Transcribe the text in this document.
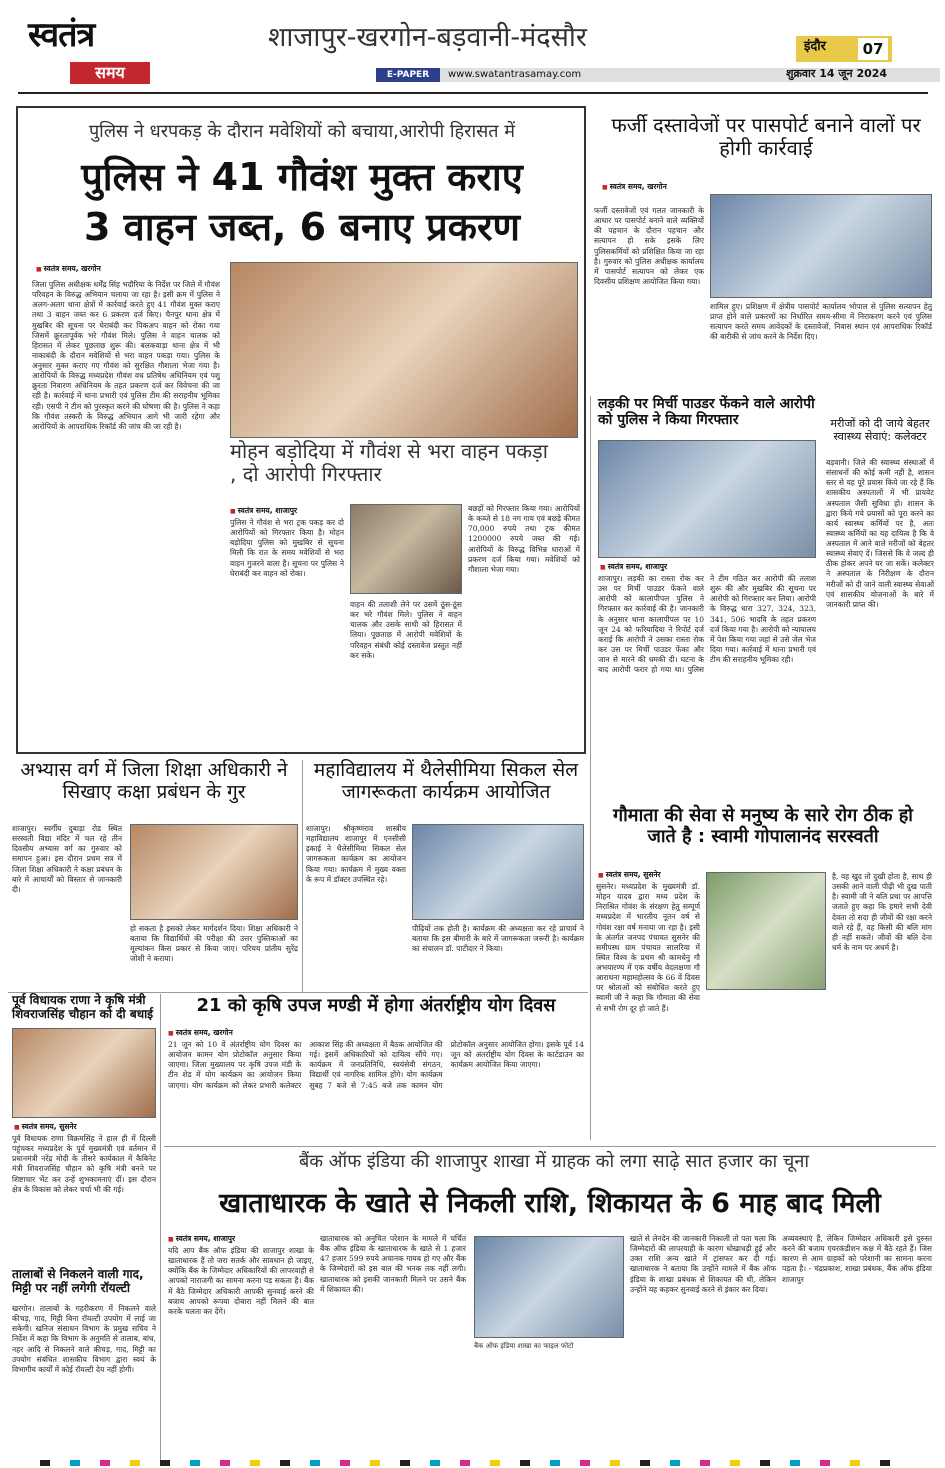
स्वतंत्र
समय
शाजापुर-खरगोन-बड़वानी-मंदसौर	इंदौर	07
E-PAPER	www.swatantrasamay.com	शुक्रवार 14 जून 2024
पुलिस ने धरपकड़ के दौरान मवेशियों को बचाया,आरोपी हिरासत में
पुलिस ने 41 गौवंश मुक्त कराए
3 वाहन जब्त, 6 बनाए प्रकरण
■ स्वतंत्र समय, खरगोन
जिला पुलिस अधीक्षक धर्मेंद्र सिंह भदौरिया के निर्देश पर जिले में गौवंश परिवहन के विरुद्ध अभियान चलाया जा रहा है। इसी क्रम में पुलिस ने अलग-अलग थाना क्षेत्रों में कार्रवाई करते हुए 41 गौवंश मुक्त कराए तथा 3 वाहन जब्त कर 6 प्रकरण दर्ज किए। चैनपुर थाना क्षेत्र में मुखबिर की सूचना पर घेराबंदी कर पिकअप वाहन को रोका गया जिसमें क्रूरतापूर्वक भरे गौवंश मिले। पुलिस ने वाहन चालक को हिरासत में लेकर पूछताछ शुरू की। बलकवाड़ा थाना क्षेत्र में भी नाकाबंदी के दौरान मवेशियों से भरा वाहन पकड़ा गया। पुलिस के अनुसार मुक्त कराए गए गौवंश को सुरक्षित गौशाला भेजा गया है। आरोपियों के विरुद्ध मध्यप्रदेश गौवंश वध प्रतिषेध अधिनियम एवं पशु क्रूरता निवारण अधिनियम के तहत प्रकरण दर्ज कर विवेचना की जा रही है। कार्रवाई में थाना प्रभारी एवं पुलिस टीम की सराहनीय भूमिका रही। एसपी ने टीम को पुरस्कृत करने की घोषणा की है। पुलिस ने कहा कि गौवंश तस्करी के विरुद्ध अभियान आगे भी जारी रहेगा और आरोपियों के आपराधिक रिकॉर्ड की जांच की जा रही है।
मोहन बड़ोदिया में गौवंश से भरा वाहन पकड़ा , दो आरोपी गिरफ्तार
■ स्वतंत्र समय, शाजापुर
पुलिस ने गौवंश से भरा ट्रक पकड़ कर दो आरोपियों को गिरफ्तार किया है। मोहन बड़ोदिया पुलिस को मुखबिर से सूचना मिली कि रात के समय मवेशियों से भरा वाहन गुजरने वाला है। सूचना पर पुलिस ने घेराबंदी कर वाहन को रोका।
वाहन की तलाशी लेने पर उसमें ठूंस-ठूंस कर भरे गौवंश मिले। पुलिस ने वाहन चालक और उसके साथी को हिरासत में लिया। पूछताछ में आरोपी मवेशियों के परिवहन संबंधी कोई दस्तावेज प्रस्तुत नहीं कर सके।
बछड़ों को गिरफ्तार किया गया। आरोपियों के कब्जे से 18 नग गाय एवं बछड़े कीमत 70,000 रुपये तथा ट्रक कीमत 1200000 रुपये जब्त की गई। आरोपियों के विरुद्ध विभिन्न धाराओं में प्रकरण दर्ज किया गया। मवेशियों को गौशाला भेजा गया।
फर्जी दस्तावेजों पर पासपोर्ट बनाने वालों पर होगी कार्रवाई
■ स्वतंत्र समय, खरगोन
फर्जी दस्तावेजों एवं गलत जानकारी के आधार पर पासपोर्ट बनाने वाले व्यक्तियों की पहचान के दौरान पहचान और सत्यापन हो सके इसके लिए पुलिसकर्मियों को प्रशिक्षित किया जा रहा है। गुरुवार को पुलिस अधीक्षक कार्यालय में पासपोर्ट सत्यापन को लेकर एक दिवसीय प्रशिक्षण आयोजित किया गया।
शामिल हुए। प्रशिक्षण में क्षेत्रीय पासपोर्ट कार्यालय भोपाल से पुलिस सत्यापन हेतु प्राप्त होने वाले प्रकरणों का निर्धारित समय-सीमा में निराकरण करने एवं पुलिस सत्यापन करते समय आवेदकों के दस्तावेजों, निवास स्थान एवं आपराधिक रिकॉर्ड की बारीकी से जांच करने के निर्देश दिए।
लड़की पर मिर्ची पाउडर फेंकने वाले आरोपी को पुलिस ने किया गिरफ्तार
■ स्वतंत्र समय, शाजापुर
शाजापुर। लड़की का रास्ता रोक कर उस पर मिर्ची पाउडर फेंकने वाले आरोपी को कालापीपल पुलिस ने गिरफ्तार कर कार्रवाई की है। जानकारी के अनुसार थाना कालापीपल पर 10 जून 24 को फरियादिया ने रिपोर्ट दर्ज कराई कि आरोपी ने उसका रास्ता रोक कर उस पर मिर्ची पाउडर फेंका और जान से मारने की धमकी दी। घटना के बाद आरोपी फरार हो गया था। पुलिस ने टीम गठित कर आरोपी की तलाश शुरू की और मुखबिर की सूचना पर आरोपी को गिरफ्तार कर लिया। आरोपी के विरुद्ध धारा 327, 324, 323, 341, 506 भादवि के तहत प्रकरण दर्ज किया गया है। आरोपी को न्यायालय में पेश किया गया जहां से उसे जेल भेज दिया गया। कार्रवाई में थाना प्रभारी एवं टीम की सराहनीय भूमिका रही।
मरीजों को दी जाये बेहतर स्वास्थ्य सेवाएं: कलेक्टर
बड़वानी। जिले की स्वास्थ्य संस्थाओं में संसाधनों की कोई कमी नहीं है, शासन स्तर से यह पूरे प्रयास किये जा रहे हैं कि शासकीय अस्पतालों में भी प्रायवेट अस्पताल जैसी सुविधा हो। शासन के द्वारा किये गये प्रयासों को पूरा करने का कार्य स्वास्थ्य कर्मियों पर है, अतः स्वास्थ्य कर्मियों का यह दायित्व है कि वे अस्पताल में आने वाले मरीजों को बेहतर स्वास्थ्य सेवाएं दें। जिससे कि वे जल्द ही ठीक होकर अपने घर जा सकें। कलेक्टर ने अस्पताल के निरीक्षण के दौरान मरीजों को दी जाने वाली स्वास्थ्य सेवाओं एवं शासकीय योजनाओं के बारे में जानकारी प्राप्त की।
अभ्यास वर्ग में जिला शिक्षा अधिकारी ने सिखाए कक्षा प्रबंधन के गुर
शाजापुर। स्वर्गीय दुबाड़ा रोड स्थित सरस्वती विद्या मंदिर में चल रहे तीन दिवसीय अभ्यास वर्ग का गुरुवार को समापन हुआ। इस दौरान प्रथम सत्र में जिला शिक्षा अधिकारी ने कक्षा प्रबंधन के बारे में आचार्यों को विस्तार से जानकारी दी।
हो सकता है इसको लेकर मार्गदर्शन दिया। शिक्षा अधिकारी ने बताया कि विद्यार्थियों की परीक्षा की उत्तर पुस्तिकाओं का मूल्यांकन किस प्रकार से किया जाए। परिचय प्रांतीय सुरेंद्र जोशी ने कराया।
महाविद्यालय में थैलेसीमिया सिकल सेल जागरूकता कार्यक्रम आयोजित
शाजापुर। श्रीकृष्णराव शास्त्रीय महाविद्यालय शाजापुर में एनसीसी इकाई ने थैलेसीमिया सिकल सेल जागरूकता कार्यक्रम का आयोजन किया गया। कार्यक्रम में मुख्य वक्ता के रूप में डॉक्टर उपस्थित रहे।
पीढ़ियों तक होती है। कार्यक्रम की अध्यक्षता कर रहे प्राचार्य ने बताया कि इस बीमारी के बारे में जागरूकता जरूरी है। कार्यक्रम का संचालन डॉ. पाटीदार ने किया।
गौमाता की सेवा से मनुष्य के सारे रोग ठीक हो जाते है : स्वामी गोपालानंद सरस्वती
■ स्वतंत्र समय, सुसनेर
सुसनेर। मध्यप्रदेश के मुख्यमंत्री डॉ. मोहन यादव द्वारा मध्य प्रदेश के निराश्रित गोवंश के संरक्षण हेतु सम्पूर्ण मध्यप्रदेश में भारतीय नूतन वर्ष से गोवंश रक्षा वर्ष मनाया जा रहा है। इसी के अंतर्गत जनपद पंचायत सुसनेर की समीपस्थ ग्राम पंचायत सालरिया में स्थित विश्व के प्रथम श्री कामधेनु गौ अभयारण्य में एक वर्षीय वेदलक्षणा गौ आराधना महामहोत्सव के 66 वें दिवस पर श्रोताओं को संबोधित करते हुए स्वामी जी ने कहा कि गौमाता की सेवा से सभी रोग दूर हो जाते हैं।
है, वह खुद तो दुखी होता है, साथ ही उसकी आने वाली पीढ़ी भी दुख पाती है। स्वामी जी ने बलि प्रथा पर आपत्ति जताते हुए कहा कि हमारे सभी देवी देवता तो सदा ही जीवों की रक्षा करने वाले रहे हैं, वह किसी की बलि मांग ही नहीं सकते। जीवों की बलि देना धर्म के नाम पर अधर्म है।
पूर्व विधायक राणा ने कृषि मंत्री शिवराजसिंह चौहान को दी बधाई
■ स्वतंत्र समय, सुसनेर
पूर्व विधायक राणा विक्रमसिंह ने हाल ही में दिल्ली पहुंचकर मध्यप्रदेश के पूर्व मुख्यमंत्री एवं वर्तमान में प्रधानमंत्री नरेंद्र मोदी के तीसरे कार्यकाल में कैबिनेट मंत्री शिवराजसिंह चौहान को कृषि मंत्री बनने पर शिष्टाचार भेंट कर उन्हें शुभकामनाएं दीं। इस दौरान क्षेत्र के विकास को लेकर चर्चा भी की गई।
21 को कृषि उपज मण्डी में होगा अंतर्राष्ट्रीय योग दिवस
■ स्वतंत्र समय, खरगोन
21 जून को 10 वें अंतर्राष्ट्रीय योग दिवस का आयोजन कामन योग प्रोटोकॉल अनुसार किया जाएगा। जिला मुख्यालय पर कृषि उपज मंडी के टीन शेड में योग कार्यक्रम का आयोजन किया जाएगा। योग कार्यक्रम को लेकर प्रभारी कलेक्टर आकाश सिंह की अध्यक्षता में बैठक आयोजित की गई। इसमें अधिकारियों को दायित्व सौंपे गए। कार्यक्रम में जनप्रतिनिधि, स्वयंसेवी संगठन, विद्यार्थी एवं नागरिक शामिल होंगे। योग कार्यक्रम सुबह 7 बजे से 7:45 बजे तक कामन योग प्रोटोकॉल अनुसार आयोजित होगा। इसके पूर्व 14 जून को अंतर्राष्ट्रीय योग दिवस के कार्टडाउन का कार्यक्रम आयोजित किया जाएगा।
तालाबों से निकलने वाली गाद, मिट्टी पर नहीं लगेगी रॉयल्टी
खरगोन। तालाबों के गहरीकरण में निकलने वाले कीचड़, गाद, मिट्टी बिना रॉयल्टी उपयोग में लाई जा सकेगी। खनिज संसाधन विभाग के प्रमुख सचिव ने निर्देश में कहा कि विभाग के अनुमति से तालाब, बांध, नहर आदि से निकलने वाले कीचड़, गाद, मिट्टी का उपयोग संबंधित शासकीय विभाग द्वारा स्वयं के विभागीय कार्यों में कोई रॉयल्टी देय नहीं होगी।
बैंक ऑफ इंडिया की शाजापुर शाखा में ग्राहक को लगा साढ़े सात हजार का चूना
खाताधारक के खाते से निकली राशि, शिकायत के 6 माह बाद मिली
■ स्वतंत्र समय, शाजापुर
यदि आप बैंक ऑफ इंडिया की शाजापुर शाखा के खाताधारक हैं तो जरा सतर्क और सावधान हो जाइए, क्योंकि बैंक के जिम्मेदार अधिकारियों की लापरवाही से आपको नाराजगी का सामना करना पड़ सकता है। बैंक में बैठे जिम्मेदार अधिकारी आपकी सुनवाई करने की बजाय आपको रूपया दोबारा नहीं मिलने की बात करके चलता कर देंगे।
खाताधारक को अनुचित परेशान के मामले में चर्चित बैंक ऑफ इंडिया के खाताधारक के खाते से 1 हजार 47 हजार 599 रुपये अचानक गायब हो गए और बैंक के जिम्मेदारों को इस बात की भनक तक नहीं लगी। खाताधारक को इसकी जानकारी मिलने पर उसने बैंक में शिकायत की।
बैंक ऑफ इंडिया शाखा का फाइल फोटो
खाते से लेनदेन की जानकारी निकाली तो पता चला कि जिम्मेदारों की लापरवाही के कारण धोखाधड़ी हुई और उक्त राशि अन्य खाते में ट्रांसफर कर दी गई। खाताधारक ने बताया कि उन्होंने मामले में बैंक ऑफ इंडिया के शाखा प्रबंधक से शिकायत की थी, लेकिन उन्होंने यह कहकर सुनवाई करने से इंकार कर दिया।
अव्यवस्थाएं हैं, लेकिन जिम्मेदार अधिकारी इसे दुरुस्त करने की बजाय एयरकंडीशन कक्ष में बैठे रहते हैं। जिस कारण से आम ग्राहकों को परेशानी का सामना करना पड़ता है। - चंद्रप्रकाश, शाखा प्रबंधक, बैंक ऑफ इंडिया शाजापुर
